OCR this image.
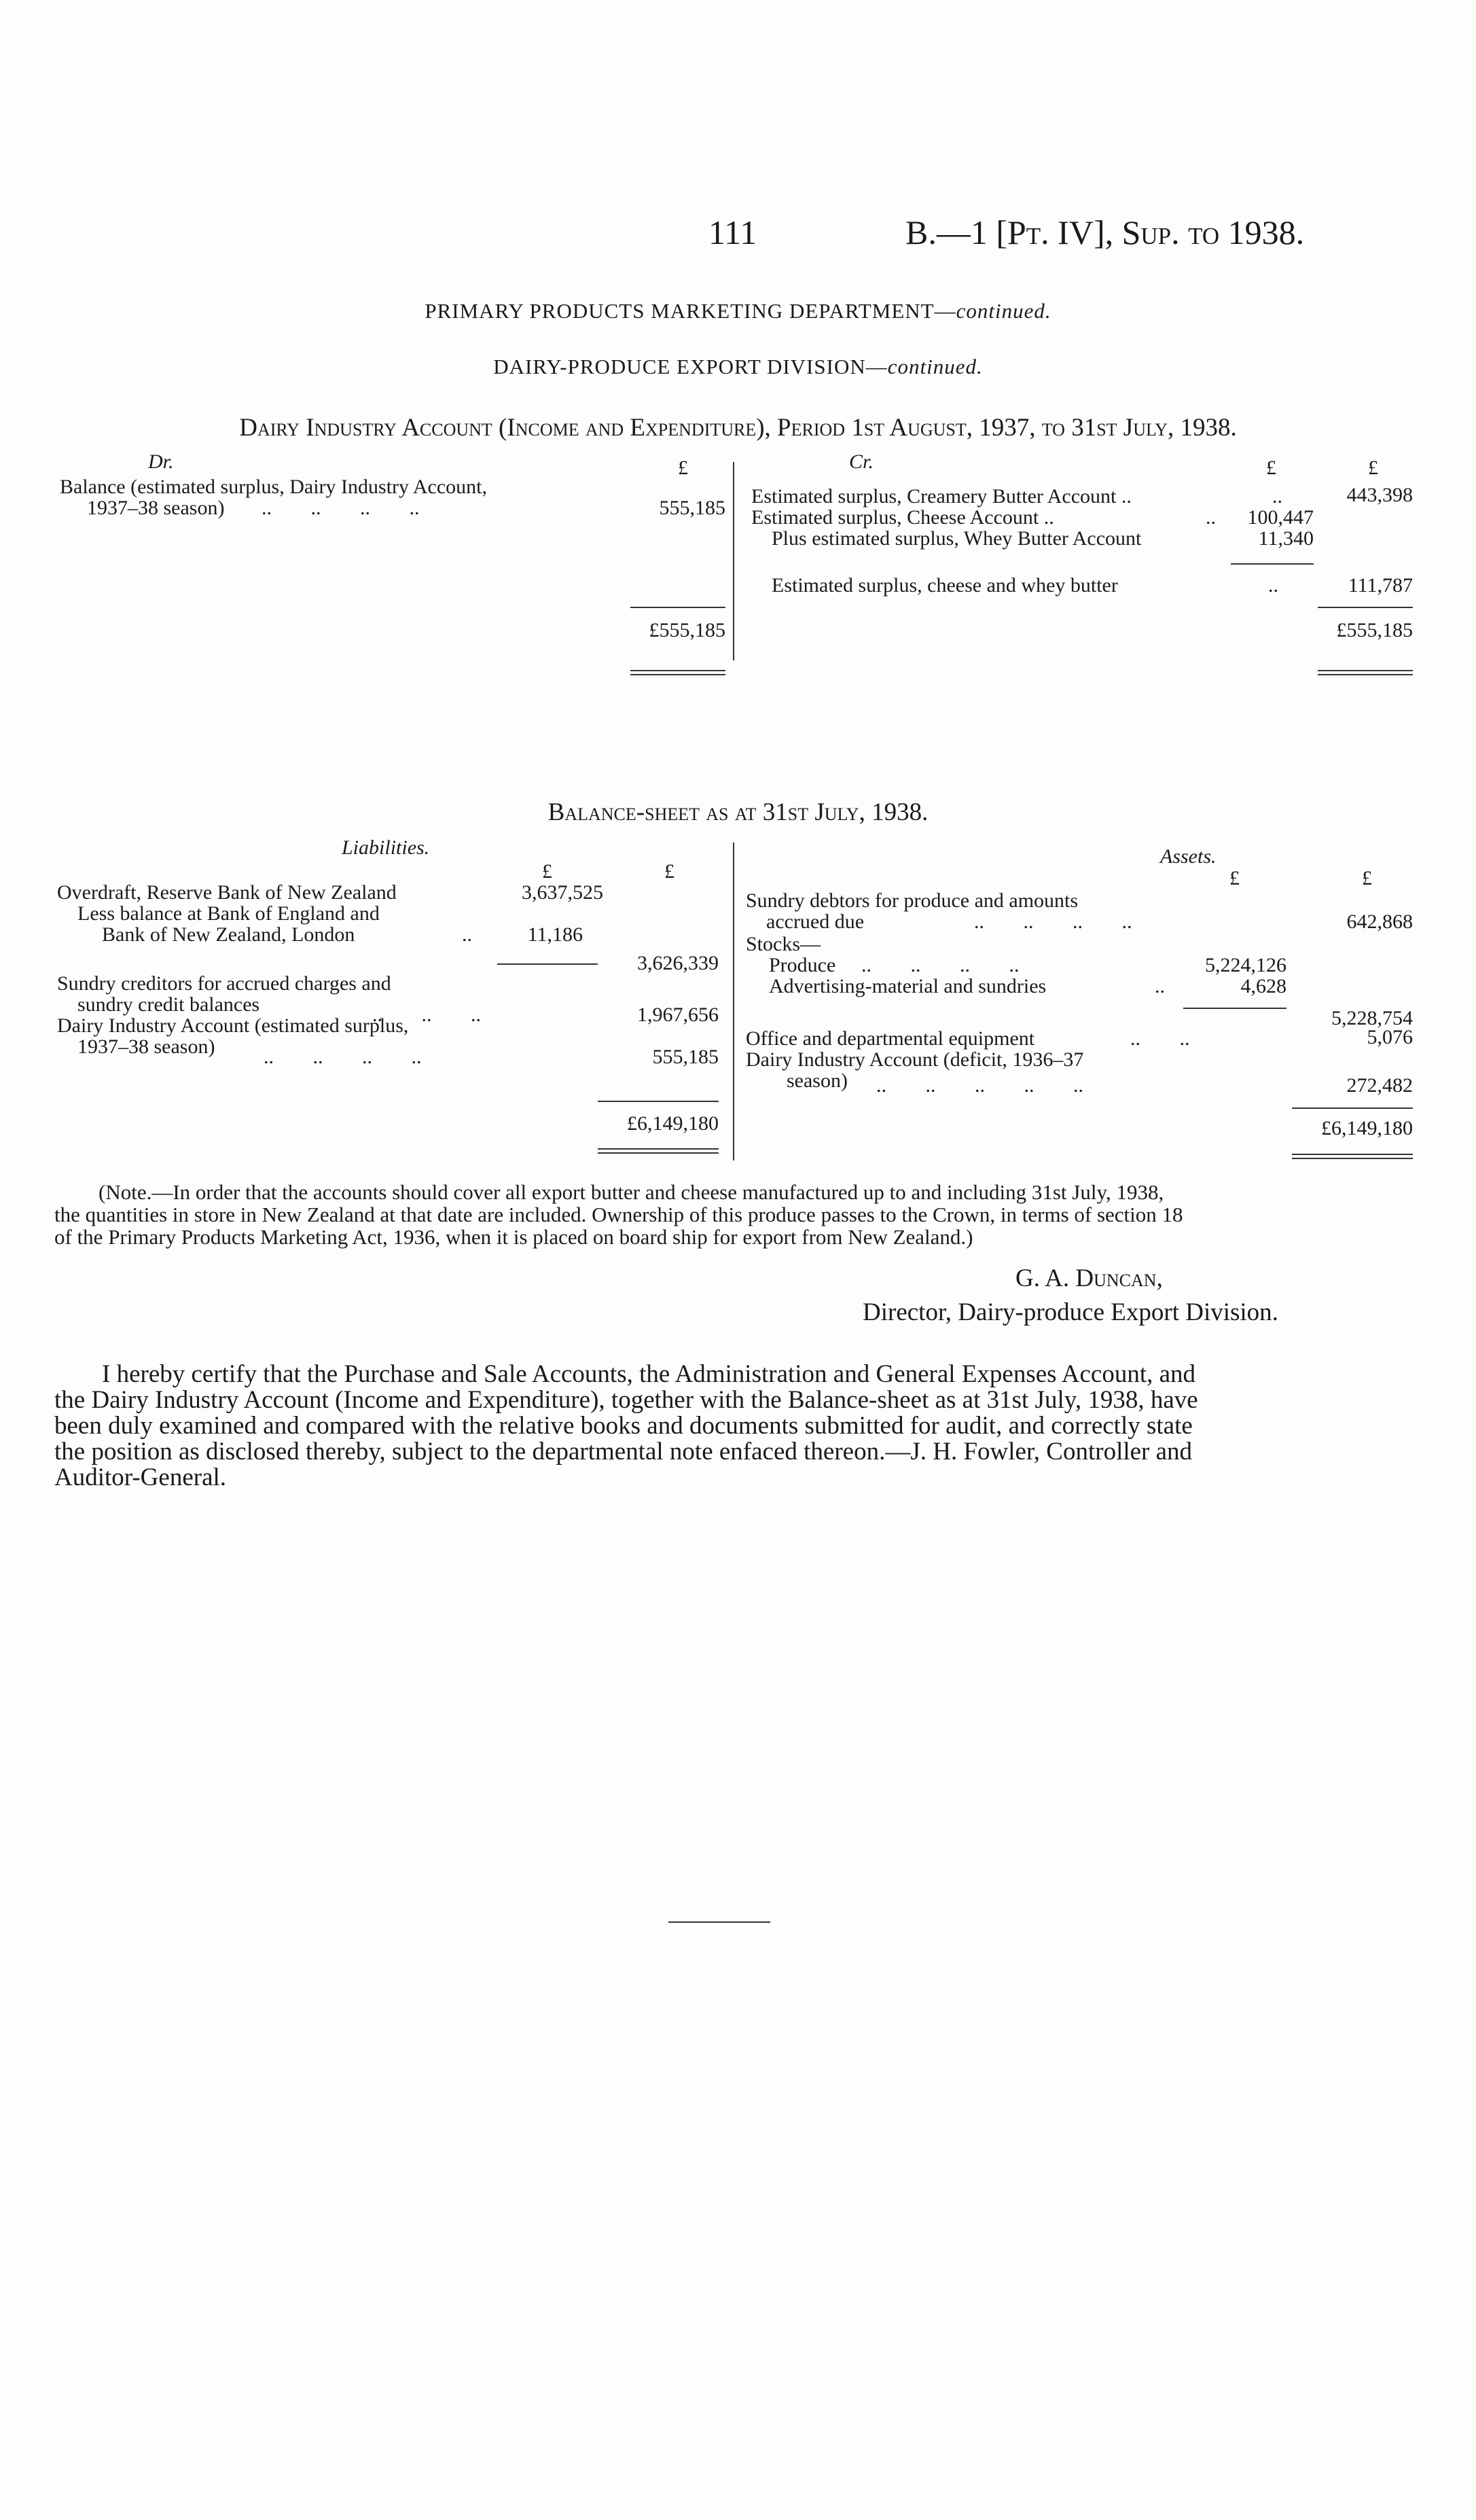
111	B.—1 [Pt. IV], Sup. to 1938.
PRIMARY PRODUCTS MARKETING DEPARTMENT—continued.
DAIRY-PRODUCE EXPORT DIVISION—continued.
Dairy Industry Account (Income and Expenditure), Period 1st August, 1937, to 31st July, 1938.
Dr.	£
Balance (estimated surplus, Dairy Industry Account,
1937–38 season) .. .. .. ..	555,185
£555,185
Cr.	£	£
Estimated surplus, Creamery Butter Account ..	..	443,398
Estimated surplus, Cheese Account ..	..	100,447
Plus estimated surplus, Whey Butter Account	11,340
Estimated surplus, cheese and whey butter	..	111,787
£555,185
Balance-sheet as at 31st July, 1938.
Liabilities.
£	£
Overdraft, Reserve Bank of New Zealand	3,637,525
Less balance at Bank of England and
Bank of New Zealand, London	..	11,186
3,626,339
Sundry creditors for accrued charges and
sundry credit balances	.. .. ..	1,967,656
Dairy Industry Account (estimated surplus,
1937–38 season) .. .. .. ..	555,185
£6,149,180
Assets.
£	£
Sundry debtors for produce and amounts
accrued due	.. .. .. ..	642,868
Stocks—
Produce .. .. .. ..	5,224,126
Advertising-material and sundries	..	4,628
5,228,754
Office and departmental equipment	.. ..	5,076
Dairy Industry Account (deficit, 1936–37
season) .. .. .. .. ..	272,482
£6,149,180
(Note.—In order that the accounts should cover all export butter and cheese manufactured up to and including 31st July, 1938,
the quantities in store in New Zealand at that date are included. Ownership of this produce passes to the Crown, in terms of section 18
of the Primary Products Marketing Act, 1936, when it is placed on board ship for export from New Zealand.)
G. A. Duncan,
Director, Dairy-produce Export Division.
I hereby certify that the Purchase and Sale Accounts, the Administration and General Expenses Account, and
the Dairy Industry Account (Income and Expenditure), together with the Balance-sheet as at 31st July, 1938, have
been duly examined and compared with the relative books and documents submitted for audit, and correctly state
the position as disclosed thereby, subject to the departmental note enfaced thereon.—J. H. Fowler, Controller and
Auditor-General.
